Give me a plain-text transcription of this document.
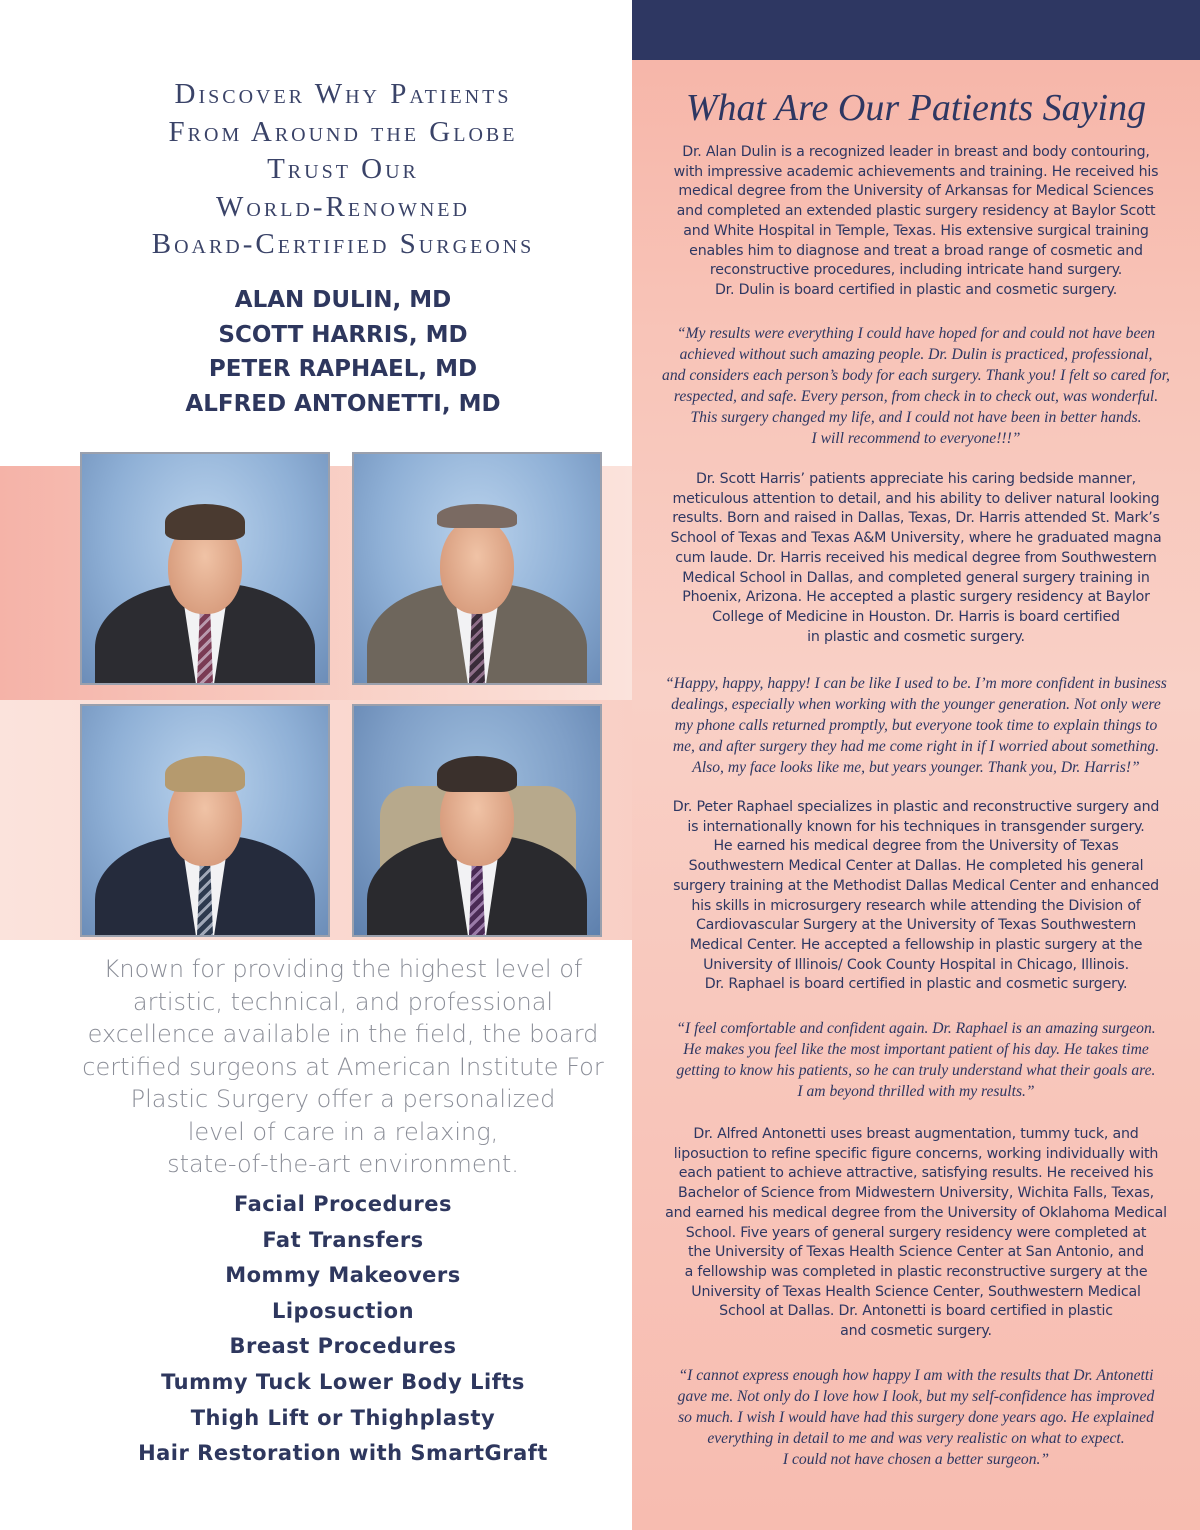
Discover Why Patients
From Around the Globe
Trust Our
World-Renowned
Board-Certified Surgeons
ALAN DULIN, MD
SCOTT HARRIS, MD
PETER RAPHAEL, MD
ALFRED ANTONETTI, MD
Known for providing the highest level of
artistic, technical, and professional
excellence available in the field, the board
certified surgeons at American Institute For
Plastic Surgery offer a personalized
level of care in a relaxing,
state-of-the-art environment.
Facial Procedures
Fat Transfers
Mommy Makeovers
Liposuction
Breast Procedures
Tummy Tuck Lower Body Lifts
Thigh Lift or Thighplasty
Hair Restoration with SmartGraft
What Are Our Patients Saying
Dr. Alan Dulin is a recognized leader in breast and body contouring,
with impressive academic achievements and training. He received his
medical degree from the University of Arkansas for Medical Sciences
and completed an extended plastic surgery residency at Baylor Scott
and White Hospital in Temple, Texas. His extensive surgical training
enables him to diagnose and treat a broad range of cosmetic and
reconstructive procedures, including intricate hand surgery.
Dr. Dulin is board certified in plastic and cosmetic surgery.
“My results were everything I could have hoped for and could not have been
achieved without such amazing people. Dr. Dulin is practiced, professional,
and considers each person’s body for each surgery. Thank you! I felt so cared for,
respected, and safe. Every person, from check in to check out, was wonderful.
This surgery changed my life, and I could not have been in better hands.
I will recommend to everyone!!!”
Dr. Scott Harris’ patients appreciate his caring bedside manner,
meticulous attention to detail, and his ability to deliver natural looking
results. Born and raised in Dallas, Texas, Dr. Harris attended St. Mark’s
School of Texas and Texas A&M University, where he graduated magna
cum laude. Dr. Harris received his medical degree from Southwestern
Medical School in Dallas, and completed general surgery training in
Phoenix, Arizona. He accepted a plastic surgery residency at Baylor
College of Medicine in Houston. Dr. Harris is board certified
in plastic and cosmetic surgery.
“Happy, happy, happy! I can be like I used to be. I’m more confident in business
dealings, especially when working with the younger generation. Not only were
my phone calls returned promptly, but everyone took time to explain things to
me, and after surgery they had me come right in if I worried about something.
Also, my face looks like me, but years younger. Thank you, Dr. Harris!”
Dr. Peter Raphael specializes in plastic and reconstructive surgery and
is internationally known for his techniques in transgender surgery.
He earned his medical degree from the University of Texas
Southwestern Medical Center at Dallas. He completed his general
surgery training at the Methodist Dallas Medical Center and enhanced
his skills in microsurgery research while attending the Division of
Cardiovascular Surgery at the University of Texas Southwestern
Medical Center. He accepted a fellowship in plastic surgery at the
University of Illinois/ Cook County Hospital in Chicago, Illinois.
Dr. Raphael is board certified in plastic and cosmetic surgery.
“I feel comfortable and confident again. Dr. Raphael is an amazing surgeon.
He makes you feel like the most important patient of his day. He takes time
getting to know his patients, so he can truly understand what their goals are.
I am beyond thrilled with my results.”
Dr. Alfred Antonetti uses breast augmentation, tummy tuck, and
liposuction to refine specific figure concerns, working individually with
each patient to achieve attractive, satisfying results. He received his
Bachelor of Science from Midwestern University, Wichita Falls, Texas,
and earned his medical degree from the University of Oklahoma Medical
School. Five years of general surgery residency were completed at
the University of Texas Health Science Center at San Antonio, and
a fellowship was completed in plastic reconstructive surgery at the
University of Texas Health Science Center, Southwestern Medical
School at Dallas. Dr. Antonetti is board certified in plastic
and cosmetic surgery.
“I cannot express enough how happy I am with the results that Dr. Antonetti
gave me. Not only do I love how I look, but my self-confidence has improved
so much. I wish I would have had this surgery done years ago. He explained
everything in detail to me and was very realistic on what to expect.
I could not have chosen a better surgeon.”
